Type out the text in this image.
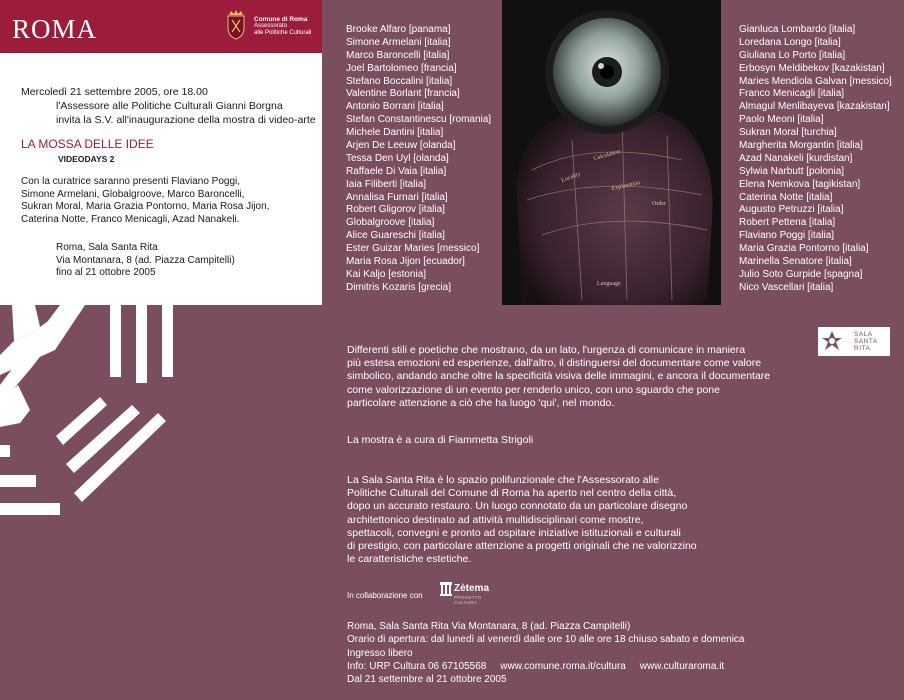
ROMA	Comune di Roma
Assessorato
alle Politiche Culturali
Mercoledì 21 settembre 2005, ore 18.00
l'Assessore alle Politiche Culturali Gianni Borgna
invita la S.V. all'inaugurazione della mostra di video-arte
LA MOSSA DELLE IDEE
VIDEODAYS 2
Con la curatrice saranno presenti Flaviano Poggi,
Simone Armelani, Globalgroove, Marco Baroncelli,
Sukran Moral, Maria Grazia Pontorno, Maria Rosa Jijon,
Caterina Notte, Franco Menicagli, Azad Nanakeli.
Roma, Sala Santa Rita
Via Montanara, 8 (ad. Piazza Campitelli)
fino al 21 ottobre 2005
Brooke Alfaro [panama]
Simone Armelani [italia]
Marco Baroncelli [italia]
Joel Bartolomeo [francia]
Stefano Boccalini [italia]
Valentine Borlant [francia]
Antonio Borrani [italia]
Stefan Constantinescu [romania]
Michele Dantini [italia]
Arjen De Leeuw [olanda]
Tessa Den Uyl [olanda]
Raffaele Di Vaia [italia]
Iaia Filiberti [italia]
Annalisa Furnari [italia]
Robert Gligorov [italia]
Globalgroove [italia]
Alice Guareschi [italia]
Ester Guizar Maries [messico]
Maria Rosa Jijon [ecuador]
Kai Kaljo [estonia]
Dimitris Kozaris [grecia]
Calculation
Locality
Explanation
Order
Language
Gianluca Lombardo [italia]
Loredana Longo [italia]
Giuliana Lo Porto [italia]
Erbosyn Meldibekov [kazakistan]
Maries Mendiola Galvan [messico]
Franco Menicagli [italia]
Almagul Menlibayeva [kazakistan]
Paolo Meoni [italia]
Sukran Moral [turchia]
Margherita Morgantin [italia]
Azad Nanakeli [kurdistan]
Sylwia Narbutt [polonia]
Elena Nemkova [tagikistan]
Caterina Notte [italia]
Augusto Petruzzi [italia]
Robert Pettena [italia]
Flaviano Poggi [italia]
Maria Grazia Pontorno [italia]
Marinella Senatore [italia]
Julio Soto Gurpide [spagna]
Nico Vascellari [italia]
SALA
SANTA
RITA
Differenti stili e poetiche che mostrano, da un lato, l'urgenza di comunicare in maniera
più estesa emozioni ed esperienze, dall'altro, il distinguersi del documentare come valore
simbolico, andando anche oltre la specificità visiva delle immagini, e ancora il documentare
come valorizzazione di un evento per renderlo unico, con uno sguardo che pone
particolare attenzione a ciò che ha luogo 'qui', nel mondo.
La mostra è a cura di Fiammetta Strigoli
La Sala Santa Rita è lo spazio polifunzionale che l'Assessorato alle
Politiche Culturali del Comune di Roma ha aperto nel centro della città,
dopo un accurato restauro. Un luogo connotato da un particolare disegno
architettonico destinato ad attività multidisciplinari come mostre,
spettacoli, convegni e pronto ad ospitare iniziative istituzionali e culturali
di prestigio, con particolare attenzione a progetti originali che ne valorizzino
le caratteristiche estetiche.
In collaborazione con
Zètema
PROGETTO CULTURA
Roma, Sala Santa Rita Via Montanara, 8 (ad. Piazza Campitelli)
Orario di apertura: dal lunedì al venerdì dalle ore 10 alle ore 18 chiuso sabato e domenica
Ingresso libero
Info: URP Cultura 06 67105568     www.comune.roma.it/cultura     www.culturaroma.it
Dal 21 settembre al 21 ottobre 2005
